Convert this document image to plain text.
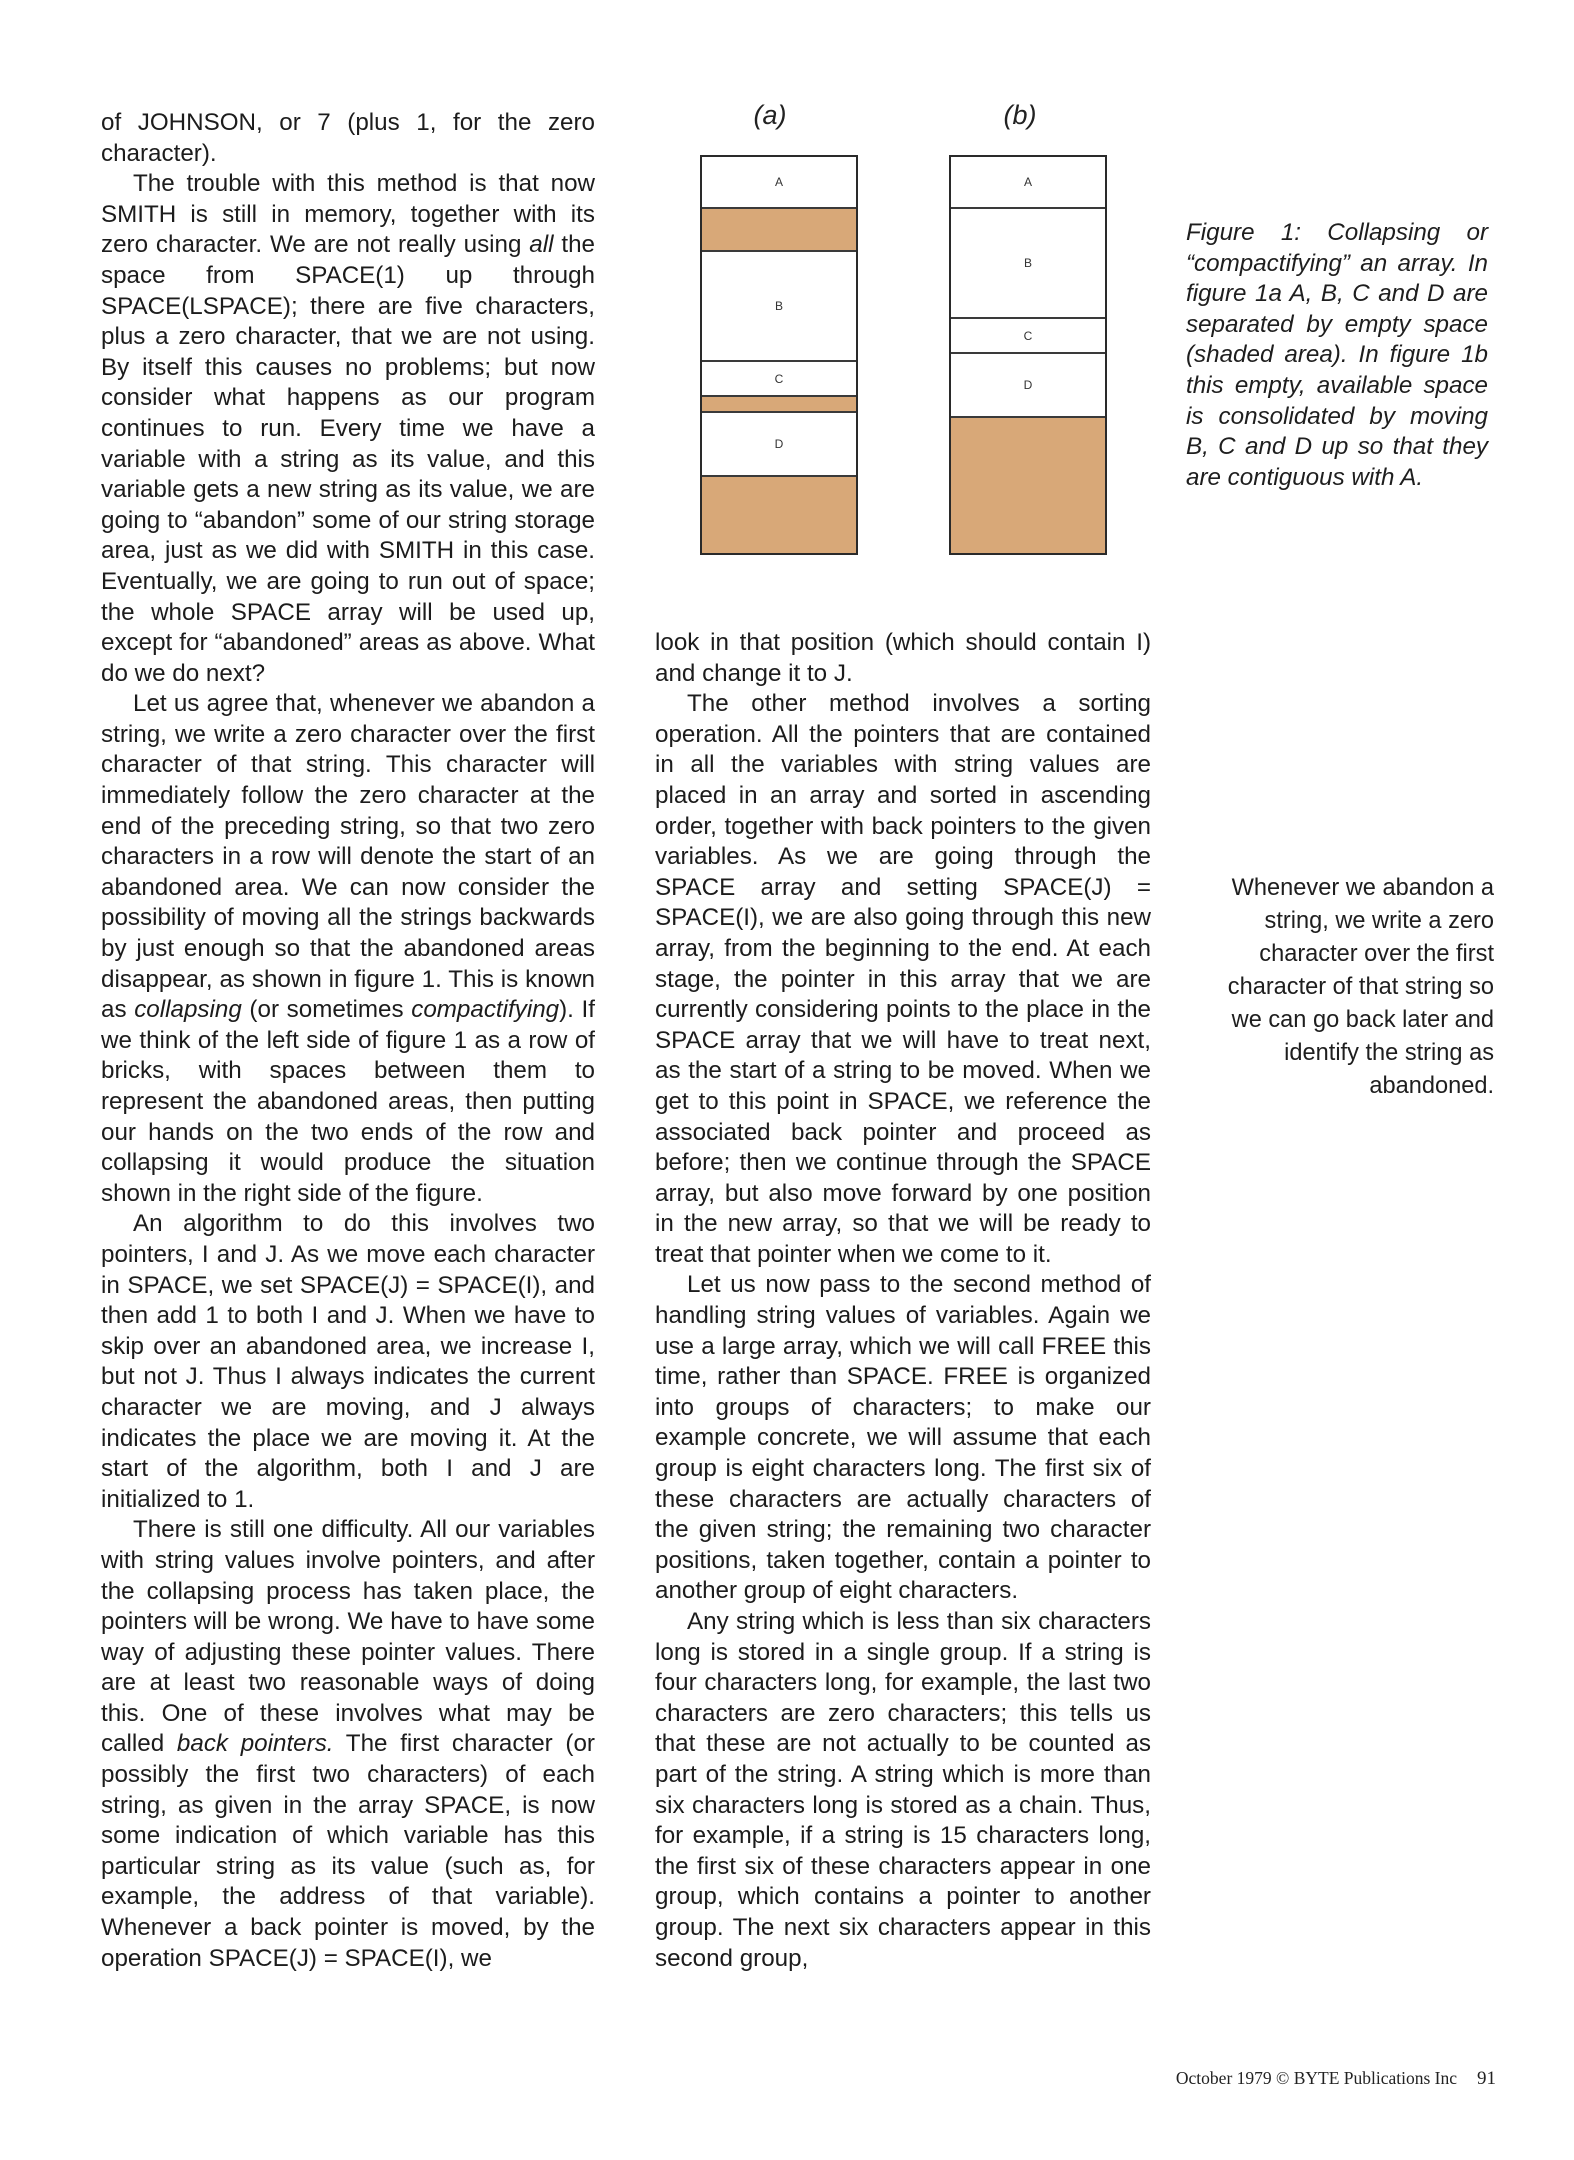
(a)	(b)
A
B
C
D
A
B
C
D
Figure 1: Collapsing or “compactifying” an array. In figure 1a A, B, C and D are separated by empty space (shaded area). In figure 1b this empty, available space is consolidated by moving B, C and D up so that they are contiguous with A.

of JOHNSON, or 7 (plus 1, for the zero character).

The trouble with this method is that now SMITH is still in memory, together with its zero character. We are not really using all the space from SPACE(1) up through SPACE(LSPACE); there are five characters, plus a zero character, that we are not using. By itself this causes no problems; but now consider what happens as our program continues to run. Every time we have a variable with a string as its value, and this variable gets a new string as its value, we are going to “abandon” some of our string storage area, just as we did with SMITH in this case. Eventually, we are going to run out of space; the whole SPACE array will be used up, except for “abandoned” areas as above. What do we do next?

Let us agree that, whenever we abandon a string, we write a zero character over the first character of that string. This character will immediately follow the zero character at the end of the preceding string, so that two zero characters in a row will denote the start of an abandoned area. We can now consider the possibility of moving all the strings backwards by just enough so that the abandoned areas disappear, as shown in figure 1. This is known as collapsing (or sometimes compactifying). If we think of the left side of figure 1 as a row of bricks, with spaces between them to represent the abandoned areas, then putting our hands on the two ends of the row and collapsing it would produce the situation shown in the right side of the figure.

An algorithm to do this involves two pointers, I and J. As we move each character in SPACE, we set SPACE(J) = SPACE(I), and then add 1 to both I and J. When we have to skip over an abandoned area, we increase I, but not J. Thus I always indicates the current character we are moving, and J always indicates the place we are moving it. At the start of the algorithm, both I and J are initialized to 1.

There is still one difficulty. All our variables with string values involve pointers, and after the collapsing process has taken place, the pointers will be wrong. We have to have some way of adjusting these pointer values. There are at least two reasonable ways of doing this. One of these involves what may be called back pointers. The first character (or possibly the first two characters) of each string, as given in the array SPACE, is now some indication of which variable has this particular string as its value (such as, for example, the address of that variable). Whenever a back pointer is moved, by the operation SPACE(J) = SPACE(I), we

look in that position (which should contain I) and change it to J.

The other method involves a sorting operation. All the pointers that are contained in all the variables with string values are placed in an array and sorted in ascending order, together with back pointers to the given variables. As we are going through the SPACE array and setting SPACE(J) = SPACE(I), we are also going through this new array, from the beginning to the end. At each stage, the pointer in this array that we are currently considering points to the place in the SPACE array that we will have to treat next, as the start of a string to be moved. When we get to this point in SPACE, we reference the associated back pointer and proceed as before; then we continue through the SPACE array, but also move forward by one position in the new array, so that we will be ready to treat that pointer when we come to it.

Let us now pass to the second method of handling string values of variables. Again we use a large array, which we will call FREE this time, rather than SPACE. FREE is organized into groups of characters; to make our example concrete, we will assume that each group is eight characters long. The first six of these characters are actually characters of the given string; the remaining two character positions, taken together, contain a pointer to another group of eight characters.

Any string which is less than six characters long is stored in a single group. If a string is four characters long, for example, the last two characters are zero characters; this tells us that these are not actually to be counted as part of the string. A string which is more than six characters long is stored as a chain. Thus, for example, if a string is 15 characters long, the first six of these characters appear in one group, which contains a pointer to another group. The next six characters appear in this second group,

Whenever we abandon a string, we write a zero character over the first character of that string so we can go back later and identify the string as abandoned.
October 1979 © BYTE Publications Inc 91
